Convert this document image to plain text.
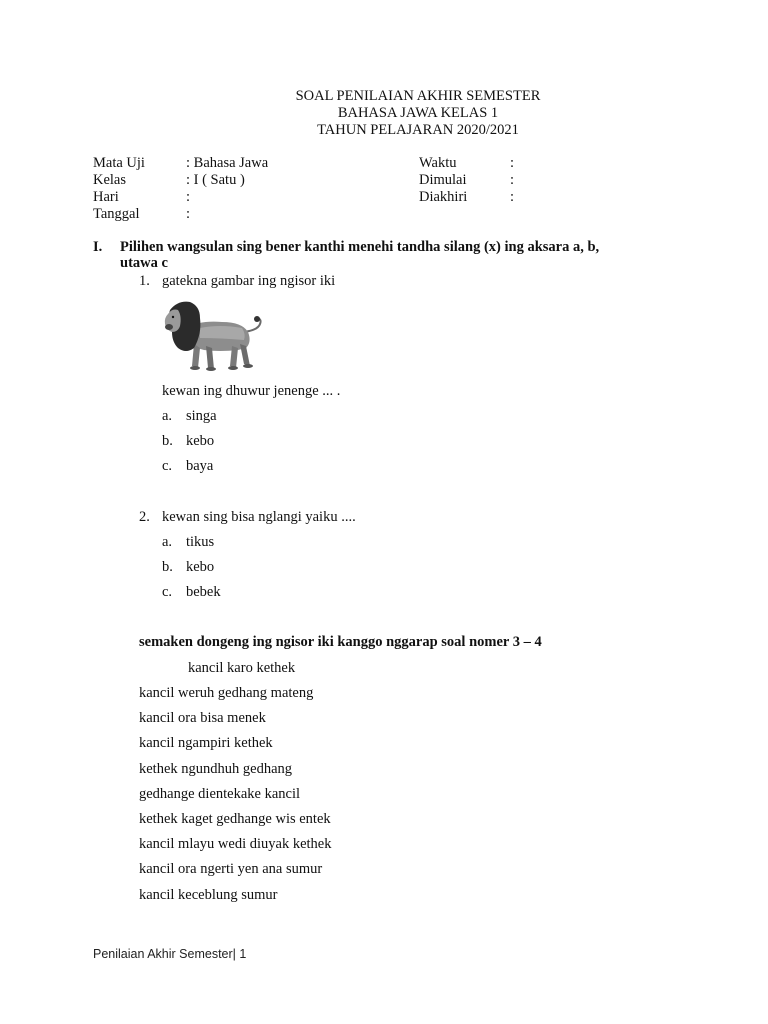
SOAL PENILAIAN AKHIR SEMESTER
BAHASA JAWA KELAS 1
TAHUN PELAJARAN 2020/2021
Mata Uji	: Bahasa Jawa
Kelas	: I ( Satu )
Hari	:
Tanggal	:
Waktu	:
Dimulai	:
Diakhiri	:
I. Pilihen wangsulan sing bener kanthi menehi tandha silang (x) ing aksara a, b,
utawa c
1. gatekna gambar ing ngisor iki
kewan ing dhuwur jenenge ... .
a. singa
b. kebo
c. baya
2. kewan sing bisa nglangi yaiku ....
a. tikus
b. kebo
c. bebek
semaken dongeng ing ngisor iki kanggo nggarap soal nomer 3 – 4
kancil karo kethek
kancil weruh gedhang mateng
kancil ora bisa menek
kancil ngampiri kethek
kethek ngundhuh gedhang
gedhange dientekake kancil
kethek kaget gedhange wis entek
kancil mlayu wedi diuyak kethek
kancil ora ngerti yen ana sumur
kancil keceblung sumur
Penilaian Akhir Semester| 1
